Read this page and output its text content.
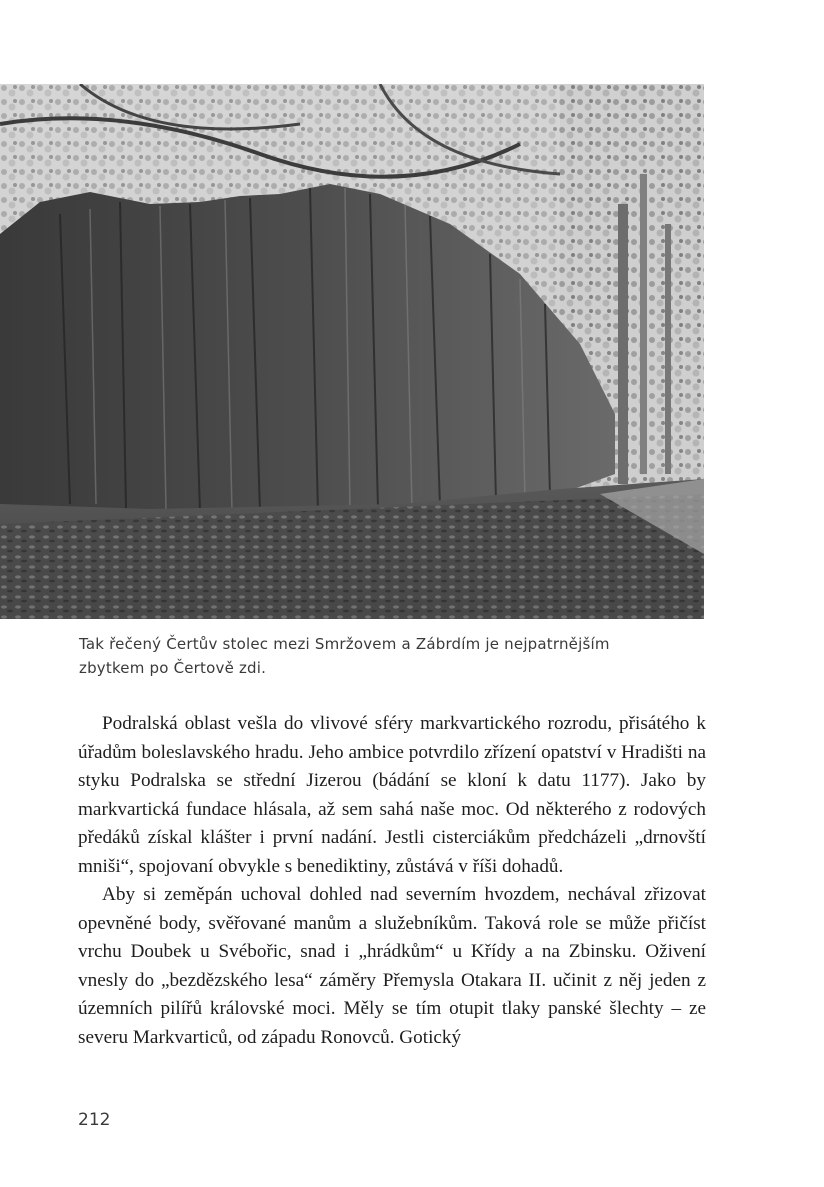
Tak řečený Čertův stolec mezi Smržovem a Zábrdím je nejpatrnějším zbytkem po Čertově zdi.

Podralská oblast vešla do vlivové sféry markvartického rozrodu, přisátého k úřadům boleslavského hradu. Jeho ambice potvrdilo zřízení opatství v Hradišti na styku Podralska se střední Jizerou (bádání se kloní k datu 1177). Jako by markvartická fundace hlásala, až sem sahá naše moc. Od některého z rodových předáků získal klášter i první nadání. Jestli cisterciákům předcházeli „drnovští mniši“, spojovaní obvykle s benediktiny, zůstává v říši dohadů.

Aby si zeměpán uchoval dohled nad severním hvozdem, nechával zřizovat opevněné body, svěřované manům a služebníkům. Taková role se může přičíst vrchu Doubek u Svébořic, snad i „hrádkům“ u Křídy a na Zbinsku. Oživení vnesly do „bezdězského lesa“ záměry Přemysla Otakara II. učinit z něj jeden z územních pilířů královské moci. Měly se tím otupit tlaky panské šlechty – ze severu Markvarticů, od západu Ronovců. Gotický

212
